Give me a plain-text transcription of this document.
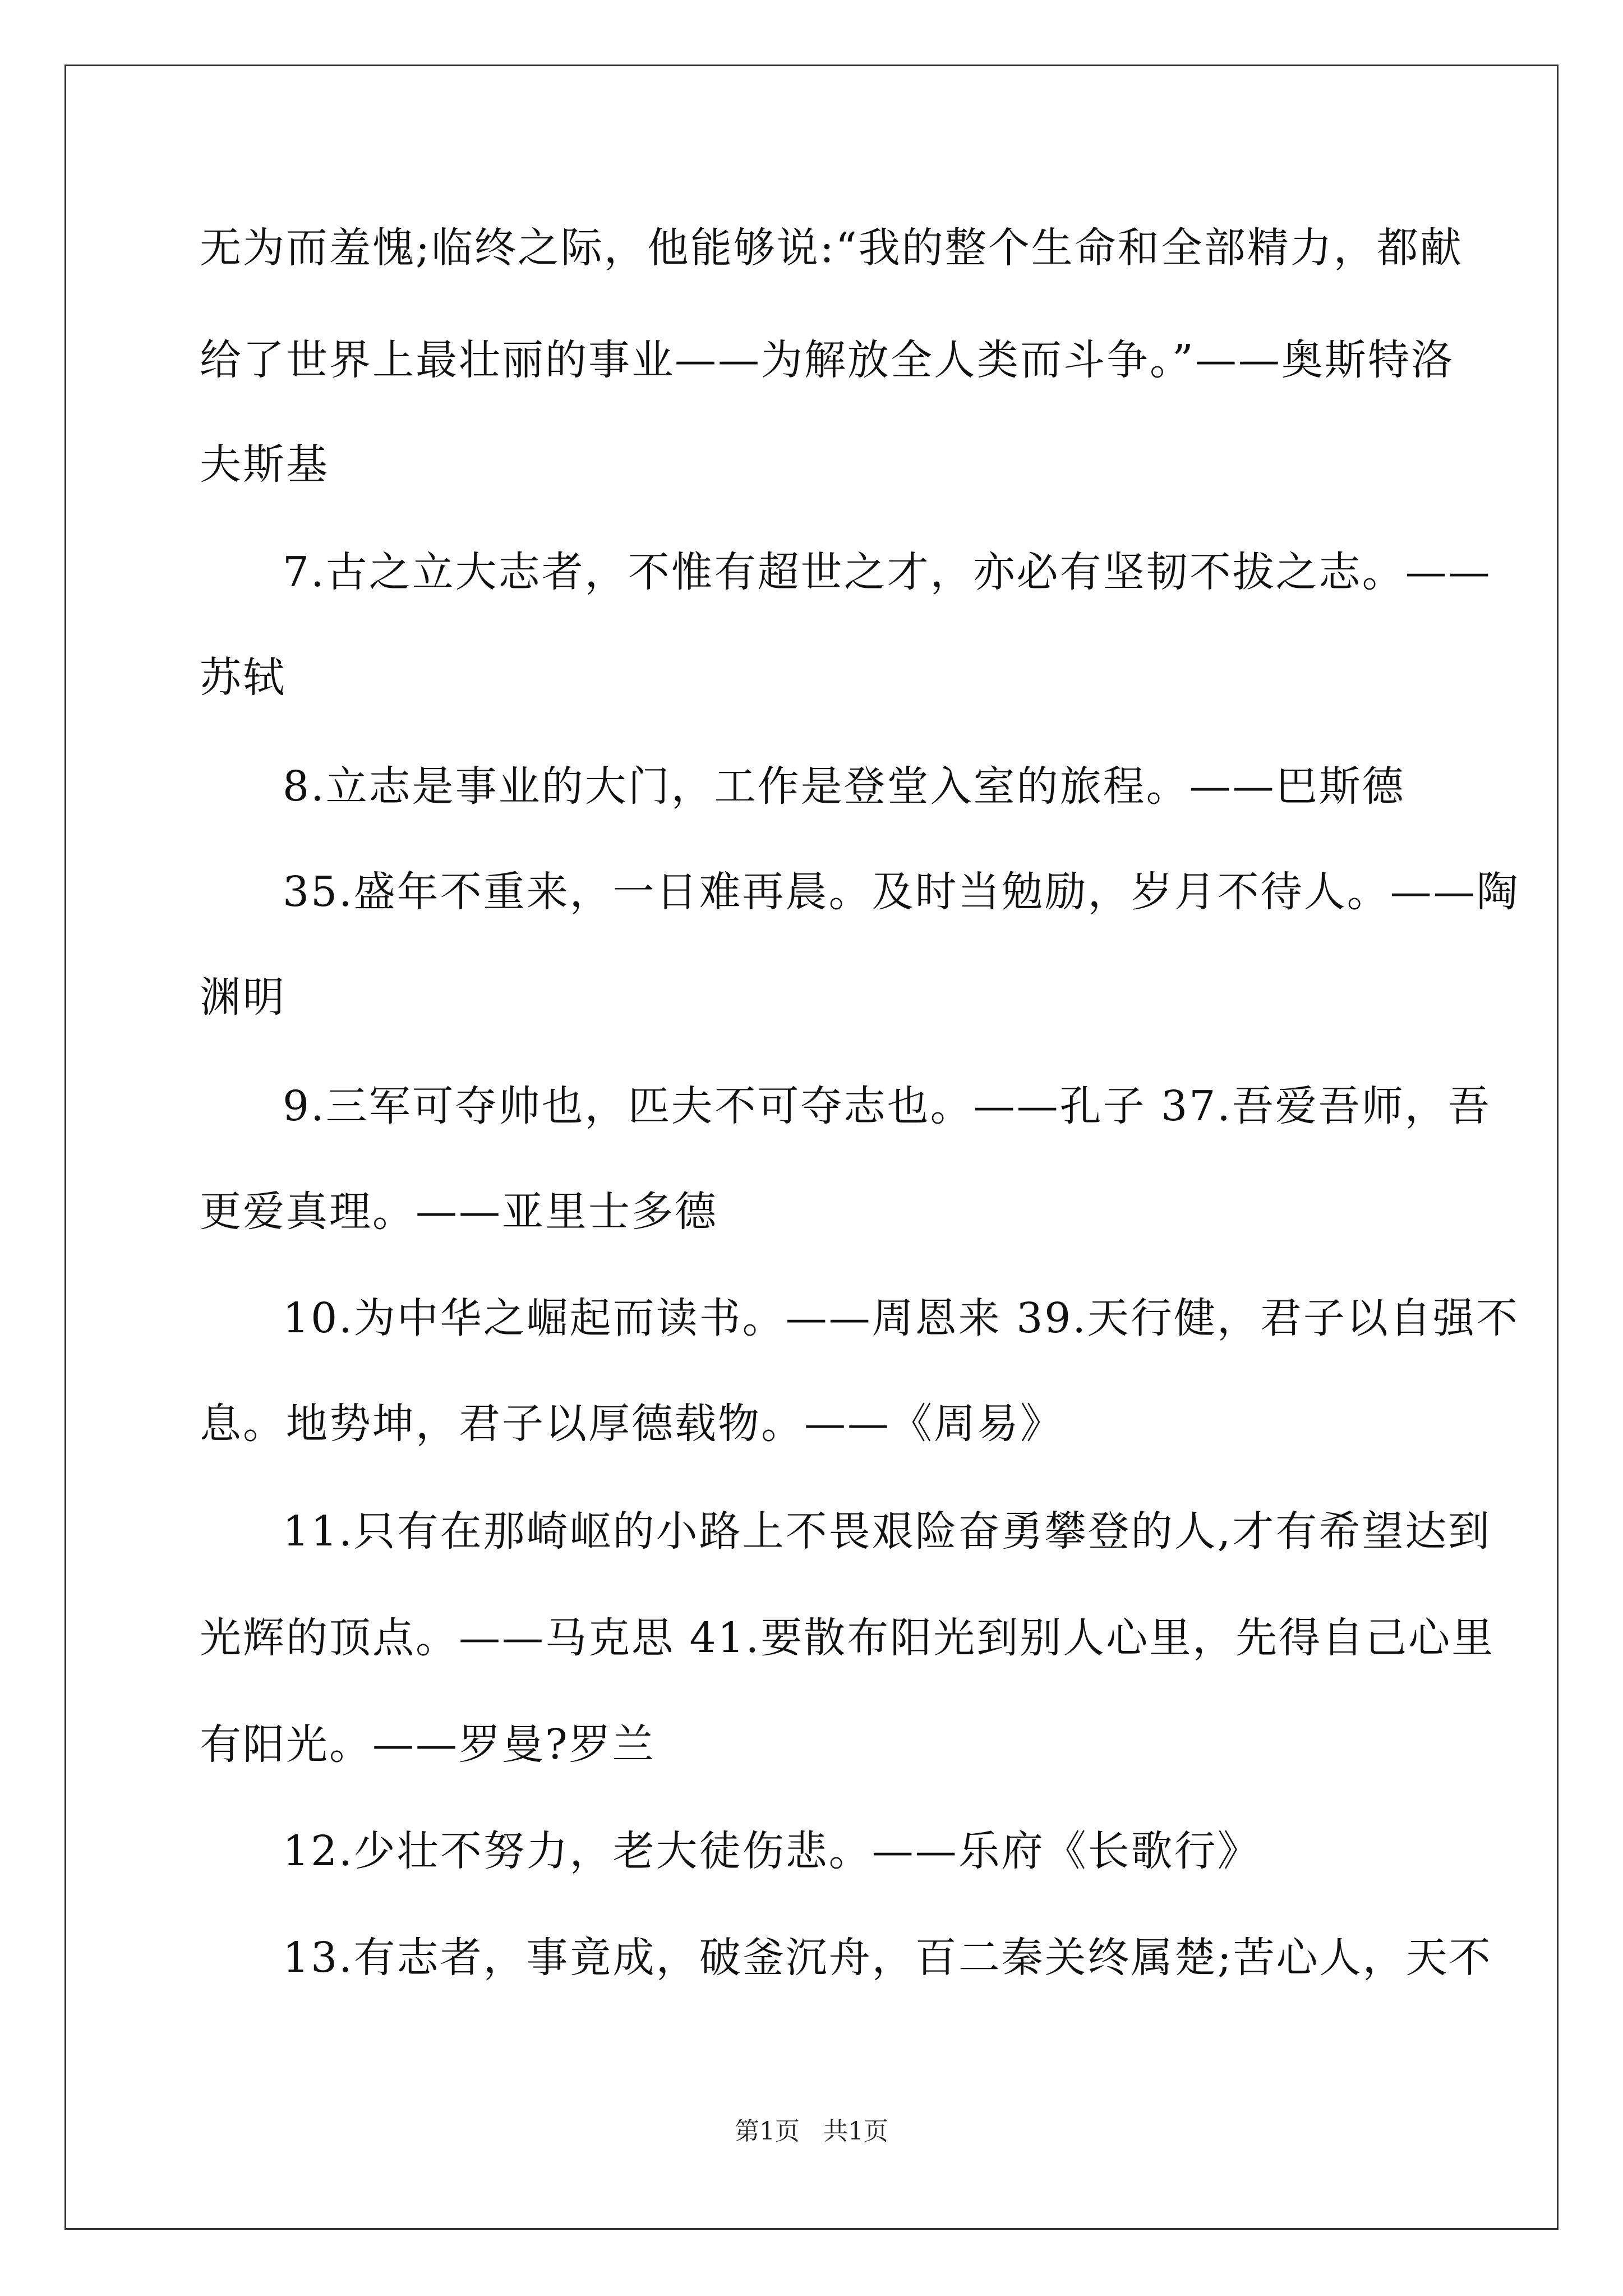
无为而羞愧;临终之际，他能够说:“我的整个生命和全部精力，都献
给了世界上最壮丽的事业——为解放全人类而斗争。”——奥斯特洛
夫斯基
7.古之立大志者，不惟有超世之才，亦必有坚韧不拔之志。——
苏轼
8.立志是事业的大门，工作是登堂入室的旅程。——巴斯德
35.盛年不重来，一日难再晨。及时当勉励，岁月不待人。——陶
渊明
9.三军可夺帅也，匹夫不可夺志也。——孔子 37.吾爱吾师，吾
更爱真理。——亚里士多德
10.为中华之崛起而读书。——周恩来 39.天行健，君子以自强不
息。地势坤，君子以厚德载物。——《周易》
11.只有在那崎岖的小路上不畏艰险奋勇攀登的人,才有希望达到
光辉的顶点。——马克思 41.要散布阳光到别人心里，先得自己心里
有阳光。——罗曼?罗兰
12.少壮不努力，老大徒伤悲。——乐府《长歌行》
13.有志者，事竟成，破釜沉舟，百二秦关终属楚;苦心人，天不
第1页   共1页
